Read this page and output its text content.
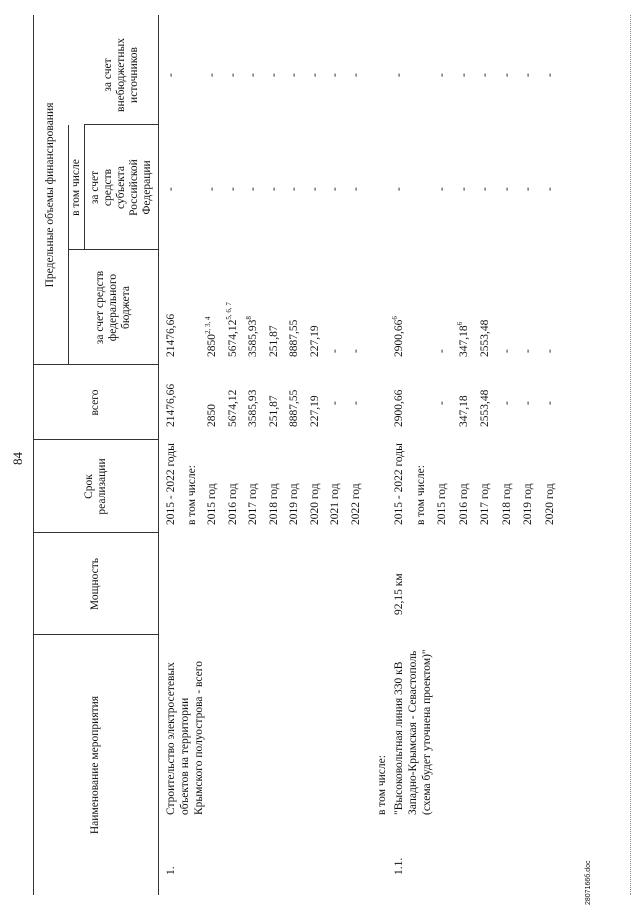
84
2807166б.doc
Наименование мероприятия
Мощность
Срок реализации
всего
Предельные объемы финансирования
за счет средств федерального бюджета
в том числе за счет средств субъекта Российской Федерации
за счет внебюджетных источников
1.
Строительство электросетевых объектов на территории Крымского полуострова - всего	в том числе:
2015 - 2022 годы
21476,66
21476,66
-
-
в том числе: 2015 год
2850
2850$^{2, 3, 4}$
-
-
2016 год
5674,12
5674,12$^{5, 6, 7}$
-
-
2017 год
3585,93
3585,93$^8$
-
-
2018 год
251,87
251,87
-
-
2019 год
8887,55
8887,55
-
-
2020 год
227,19
227,19
-
-
2021 год
-
-
-
-
2022 год
-
-
-
-
1.1.
"Высоковольтная линия 330 кВ Западно-Крымская - Севастополь (схема будет уточнена проектом)"
92,15 км
2015 - 2022 годы
2900,66
2900,66$^6$
-
-
в том числе: 2015 год
-
-
-
-
2016 год
347,18
347,18$^6$
-
-
2017 год
2553,48
2553,48
-
-
2018 год
-
-
-
-
2019 год
-
-
-
-
2020 год
-
-
-
-
